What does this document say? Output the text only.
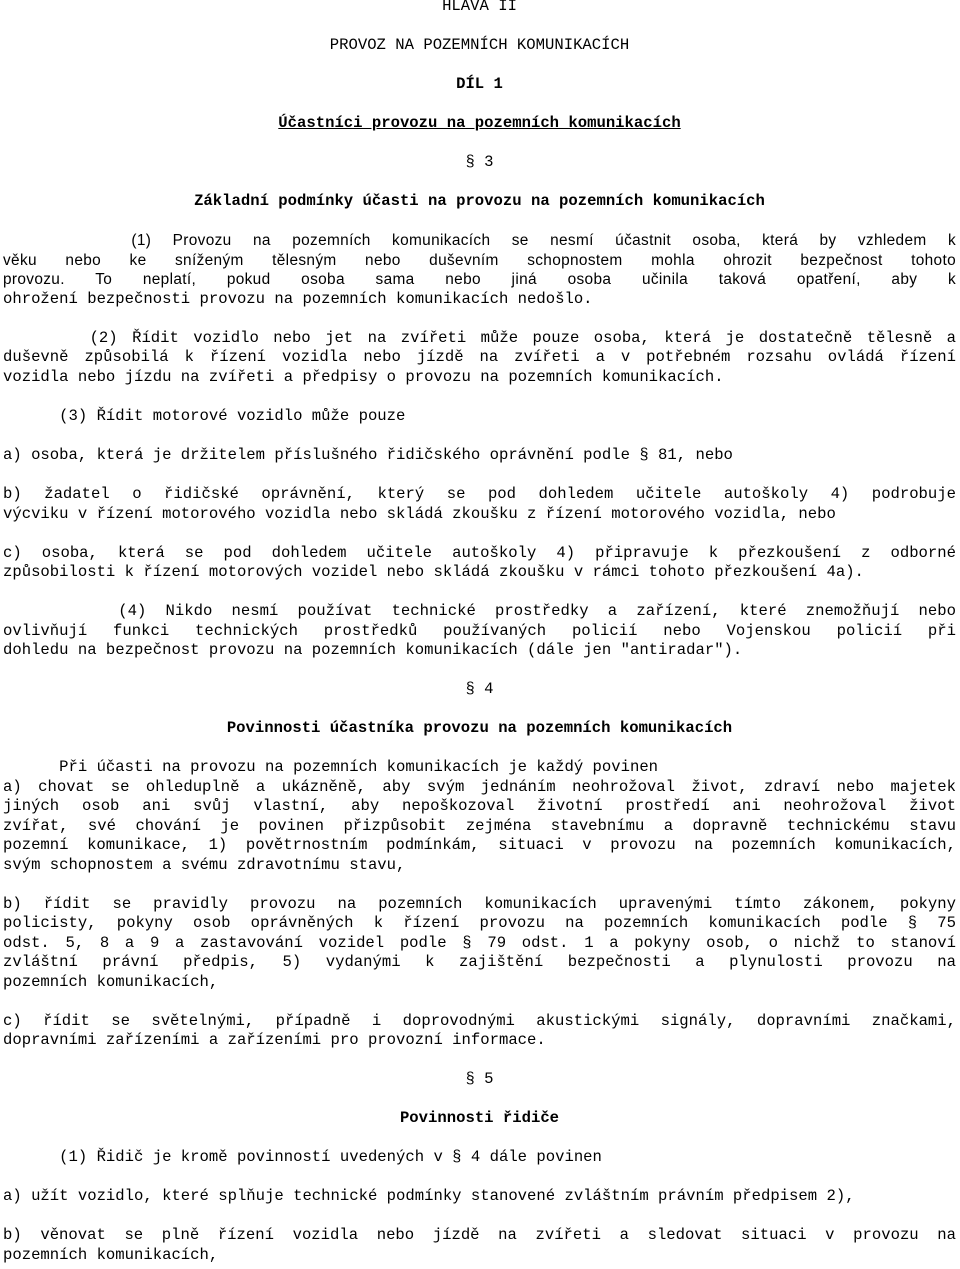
HLAVA II
PROVOZ NA POZEMNÍCH KOMUNIKACÍCH
DÍL 1
Účastníci provozu na pozemních komunikacích
§ 3
Základní podmínky účasti na provozu na pozemních komunikacích
(1) Provozu na pozemních komunikacích se nesmí účastnit osoba, která by vzhledem k
věku nebo ke sníženým tělesným nebo duševním schopnostem mohla ohrozit bezpečnost tohoto
provozu. To neplatí, pokud osoba sama nebo jiná osoba učinila taková opatření, aby k
ohrožení bezpečnosti provozu na pozemních komunikacích nedošlo.
(2) Řídit vozidlo nebo jet na zvířeti může pouze osoba, která je dostatečně tělesně a
duševně způsobilá k řízení vozidla nebo jízdě na zvířeti a v potřebném rozsahu ovládá řízení
vozidla nebo jízdu na zvířeti a předpisy o provozu na pozemních komunikacích.
(3) Řídit motorové vozidlo může pouze
a) osoba, která je držitelem příslušného řidičského oprávnění podle § 81, nebo
b) žadatel o řidičské oprávnění, který se pod dohledem učitele autoškoly 4) podrobuje
výcviku v řízení motorového vozidla nebo skládá zkoušku z řízení motorového vozidla, nebo
c) osoba, která se pod dohledem učitele autoškoly 4) připravuje k přezkoušení z odborné
způsobilosti k řízení motorových vozidel nebo skládá zkoušku v rámci tohoto přezkoušení 4a).
(4) Nikdo nesmí používat technické prostředky a zařízení, které znemožňují nebo
ovlivňují funkci technických prostředků používaných policií nebo Vojenskou policií při
dohledu na bezpečnost provozu na pozemních komunikacích (dále jen "antiradar").
§ 4
Povinnosti účastníka provozu na pozemních komunikacích
Při účasti na provozu na pozemních komunikacích je každý povinen
a) chovat se ohleduplně a ukázněně, aby svým jednáním neohrožoval život, zdraví nebo majetek
jiných osob ani svůj vlastní, aby nepoškozoval životní prostředí ani neohrožoval život
zvířat, své chování je povinen přizpůsobit zejména stavebnímu a dopravně technickému stavu
pozemní komunikace, 1) povětrnostním podmínkám, situaci v provozu na pozemních komunikacích,
svým schopnostem a svému zdravotnímu stavu,
b) řídit se pravidly provozu na pozemních komunikacích upravenými tímto zákonem, pokyny
policisty, pokyny osob oprávněných k řízení provozu na pozemních komunikacích podle § 75
odst. 5, 8 a 9 a zastavování vozidel podle § 79 odst. 1 a pokyny osob, o nichž to stanoví
zvláštní právní předpis, 5) vydanými k zajištění bezpečnosti a plynulosti provozu na
pozemních komunikacích,
c) řídit se světelnými, případně i doprovodnými akustickými signály, dopravními značkami,
dopravními zařízeními a zařízeními pro provozní informace.
§ 5
Povinnosti řidiče
(1) Řidič je kromě povinností uvedených v § 4 dále povinen
a) užít vozidlo, které splňuje technické podmínky stanovené zvláštním právním předpisem 2),
b) věnovat se plně řízení vozidla nebo jízdě na zvířeti a sledovat situaci v provozu na
pozemních komunikacích,
